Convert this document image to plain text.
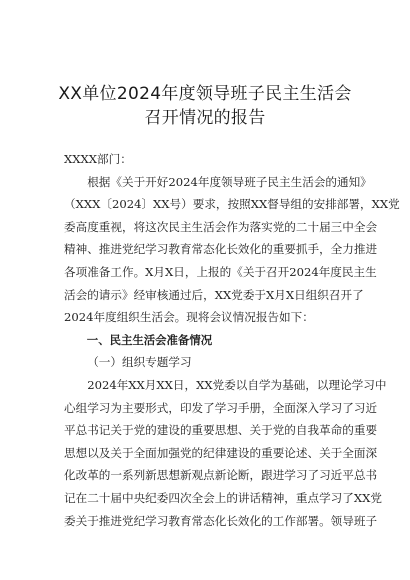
XX单位2024年度领导班子民主生活会
召开情况的报告
XXXX部门：
根据《关于开好2024年度领导班子民主生活会的通知》
（XXX〔2024〕XX号）要求，按照XX督导组的安排部署，XX党
委高度重视，将这次民主生活会作为落实党的二十届三中全会
精神、推进党纪学习教育常态化长效化的重要抓手，全力推进
各项准备工作。X月X日，上报的《关于召开2024年度民主生
活会的请示》经审核通过后，XX党委于X月X日组织召开了
2024年度组织生活会。现将会议情况报告如下：
一、民主生活会准备情况
（一）组织专题学习
2024年XX月XX日，XX党委以自学为基础，以理论学习中
心组学习为主要形式，印发了学习手册，全面深入学习了习近
平总书记关于党的建设的重要思想、关于党的自我革命的重要
思想以及关于全面加强党的纪律建设的重要论述、关于全面深
化改革的一系列新思想新观点新论断，跟进学习了习近平总书
记在二十届中央纪委四次全会上的讲话精神，重点学习了XX党
委关于推进党纪学习教育常态化长效化的工作部署。领导班子
